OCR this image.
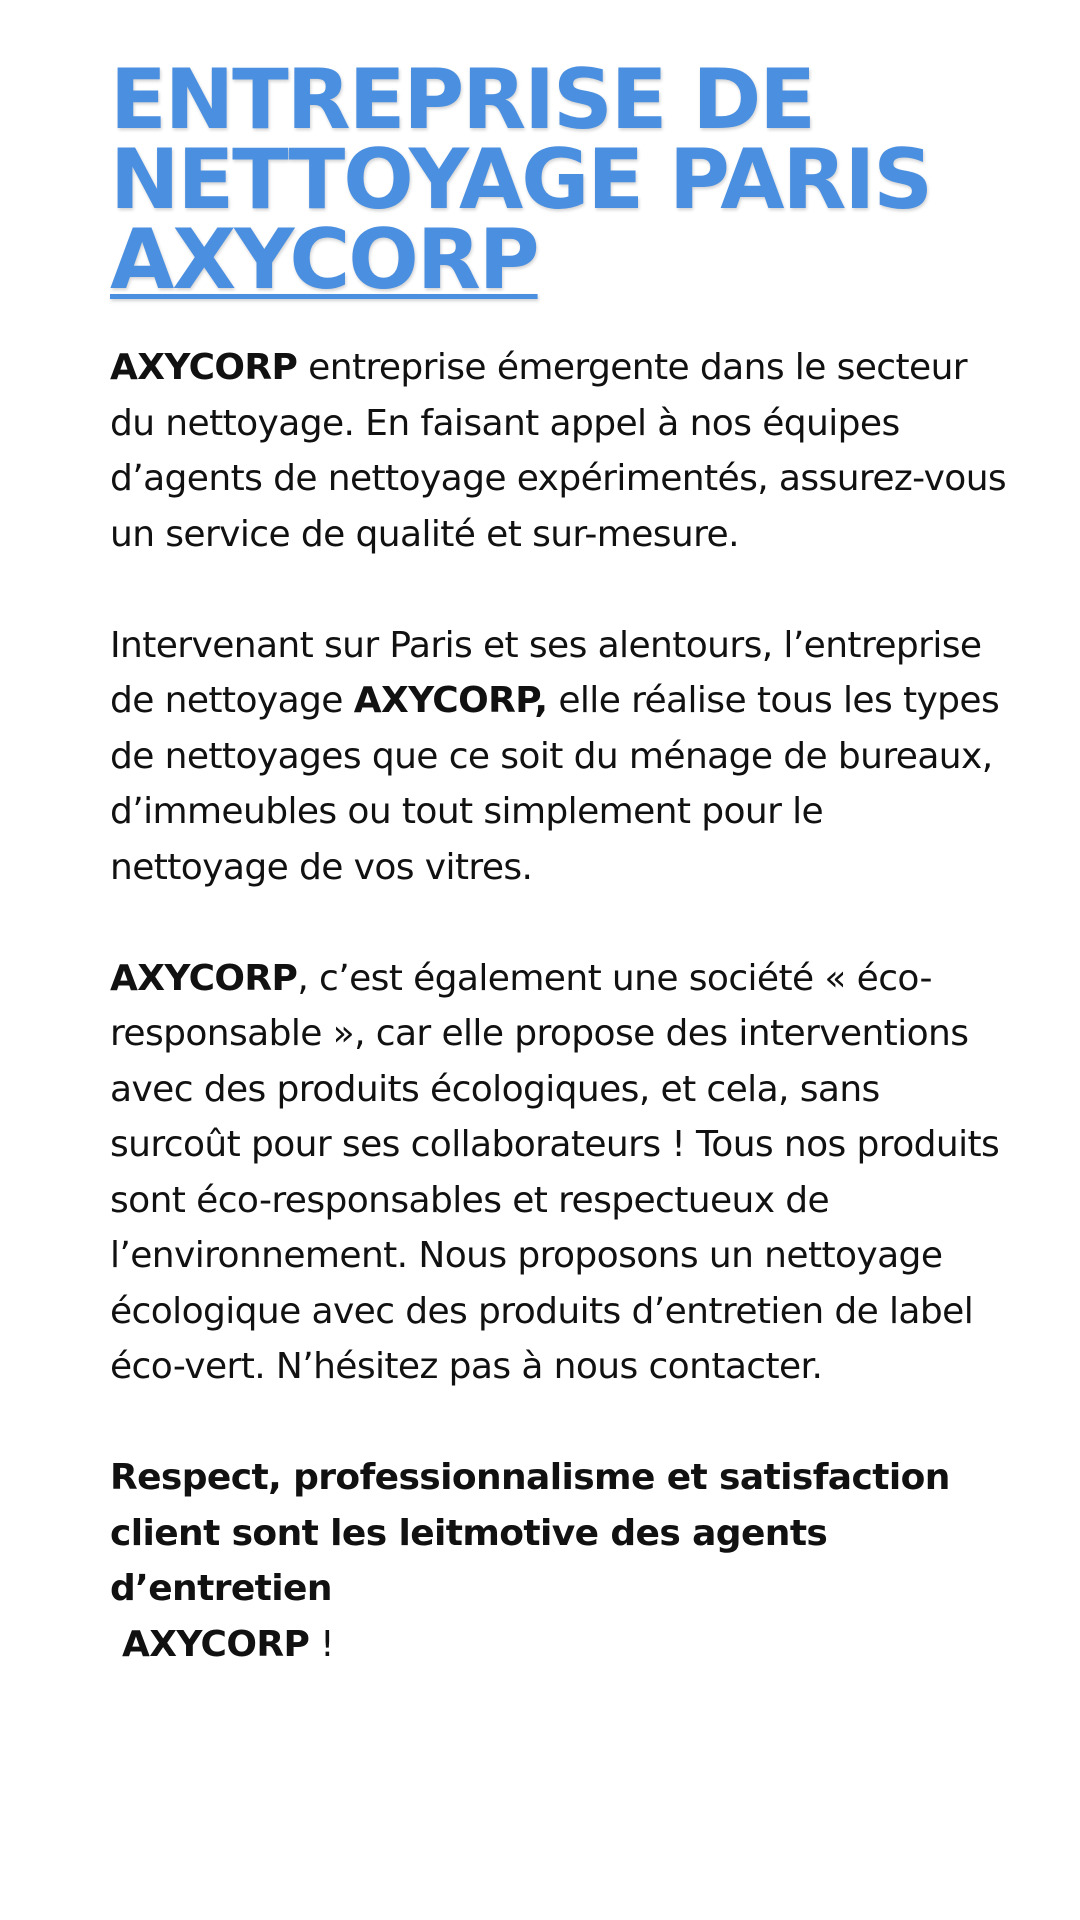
ENTREPRISE DE
NETTOYAGE PARIS
AXYCORP

AXYCORP entreprise émergente dans le secteur du nettoyage. En faisant appel à nos équipes d’agents de nettoyage expérimentés, assurez-vous un service de qualité et sur-mesure.

Intervenant sur Paris et ses alentours, l’entreprise de nettoyage AXYCORP, elle réalise tous les types de nettoyages que ce soit du ménage de bureaux, d’immeubles ou tout simplement pour le nettoyage de vos vitres.

AXYCORP, c’est également une société « éco-responsable », car elle propose des interventions avec des produits écologiques, et cela, sans surcoût pour ses collaborateurs ! Tous nos produits sont éco-responsables et respectueux de l’environnement. Nous proposons un nettoyage écologique avec des produits d’entretien de label éco-vert. N’hésitez pas à nous contacter.

Respect, professionnalisme et satisfaction client sont les leitmotive des agents d’entretien
AXYCORP !
